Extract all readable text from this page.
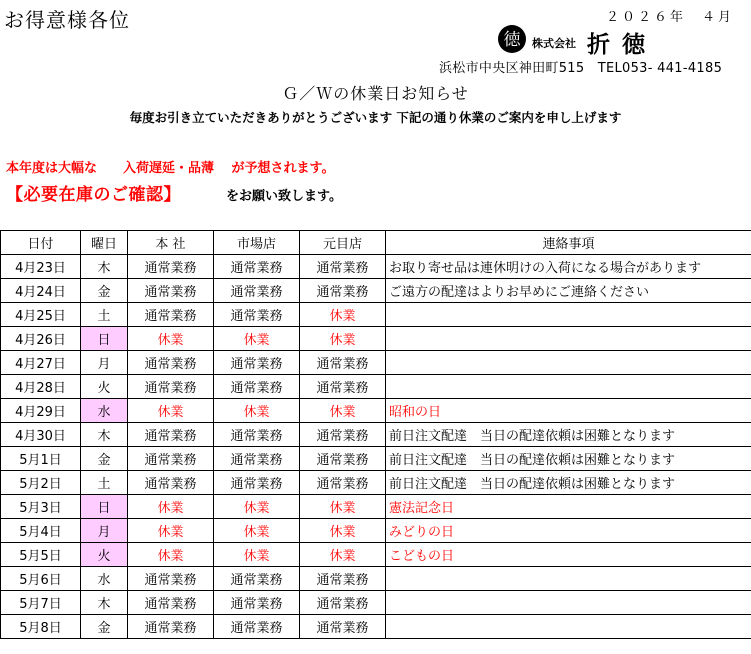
お得意様各位	２０２６年　４月
徳 株式会社 折徳
浜松市中央区神田町515　TEL053- 441-4185
Ｇ／Ｗの休業日お知らせ
毎度お引き立ていただきありがとうございます 下記の通り休業のご案内を申し上げます
本年度は大幅な　　入荷遅延・品薄　 が予想されます。
【必要在庫のご確認】	をお願い致します。
日付	曜日	本 社	市場店	元目店	連絡事項
4月23日	木	通常業務	通常業務	通常業務	お取り寄せ品は連休明けの入荷になる場合があります
4月24日	金	通常業務	通常業務	通常業務	ご遠方の配達はよりお早めにご連絡ください
4月25日	土	通常業務	通常業務	休業	
4月26日	日	休業	休業	休業	
4月27日	月	通常業務	通常業務	通常業務	
4月28日	火	通常業務	通常業務	通常業務	
4月29日	水	休業	休業	休業	昭和の日
4月30日	木	通常業務	通常業務	通常業務	前日注文配達　当日の配達依頼は困難となります
5月1日	金	通常業務	通常業務	通常業務	前日注文配達　当日の配達依頼は困難となります
5月2日	土	通常業務	通常業務	通常業務	前日注文配達　当日の配達依頼は困難となります
5月3日	日	休業	休業	休業	憲法記念日
5月4日	月	休業	休業	休業	みどりの日
5月5日	火	休業	休業	休業	こどもの日
5月6日	水	通常業務	通常業務	通常業務	
5月7日	木	通常業務	通常業務	通常業務	
5月8日	金	通常業務	通常業務	通常業務	
